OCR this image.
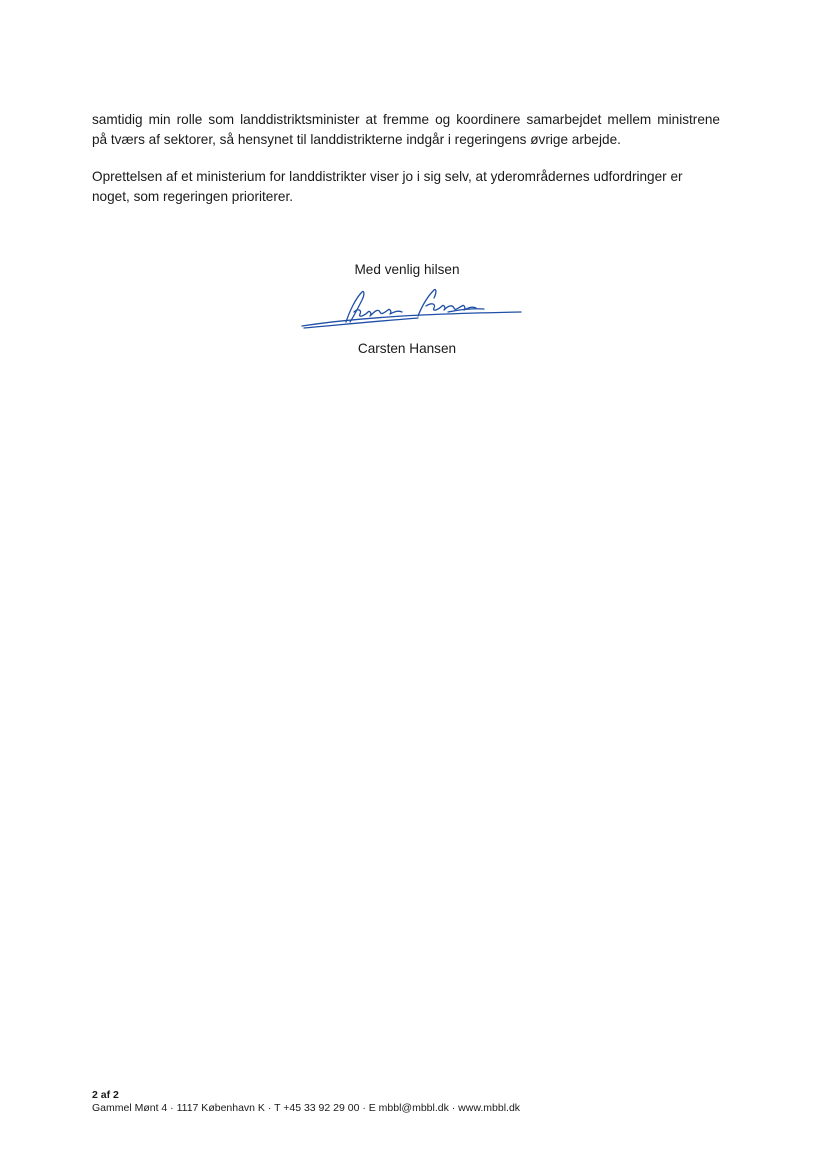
samtidig min rolle som landdistriktsminister at fremme og koordinere samarbejdet mellem ministrene
på tværs af sektorer, så hensynet til landdistrikterne indgår i regeringens øvrige arbejde.
Oprettelsen af et ministerium for landdistrikter viser jo i sig selv, at yderområdernes udfordringer er
noget, som regeringen prioriterer.

Med venlig hilsen

Carsten Hansen

2 af 2
Gammel Mønt 4 · 1117 København K · T +45 33 92 29 00 · E mbbl@mbbl.dk · www.mbbl.dk
